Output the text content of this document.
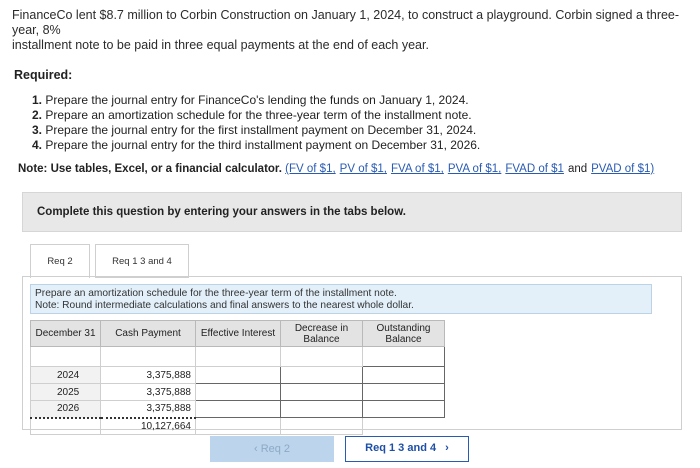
FinanceCo lent $8.7 million to Corbin Construction on January 1, 2024, to construct a playground. Corbin signed a three-year, 8%
installment note to be paid in three equal payments at the end of each year.
Required:
1. Prepare the journal entry for FinanceCo's lending the funds on January 1, 2024.
2. Prepare an amortization schedule for the three-year term of the installment note.
3. Prepare the journal entry for the first installment payment on December 31, 2024.
4. Prepare the journal entry for the third installment payment on December 31, 2026.
Note: Use tables, Excel, or a financial calculator. (FV of $1, PV of $1, FVA of $1, PVA of $1, FVAD of $1 and PVAD of $1)
Complete this question by entering your answers in the tabs below.
Req 2	Req 1 3 and 4
Prepare an amortization schedule for the three-year term of the installment note.
Note: Round intermediate calculations and final answers to the nearest whole dollar.
December 31	Cash Payment	Effective Interest	Decrease in Balance	Outstanding Balance

2024	3,375,888			
2025	3,375,888			
2026	3,375,888			
	10,127,664			
‹ Req 2	Req 1 3 and 4 ›
